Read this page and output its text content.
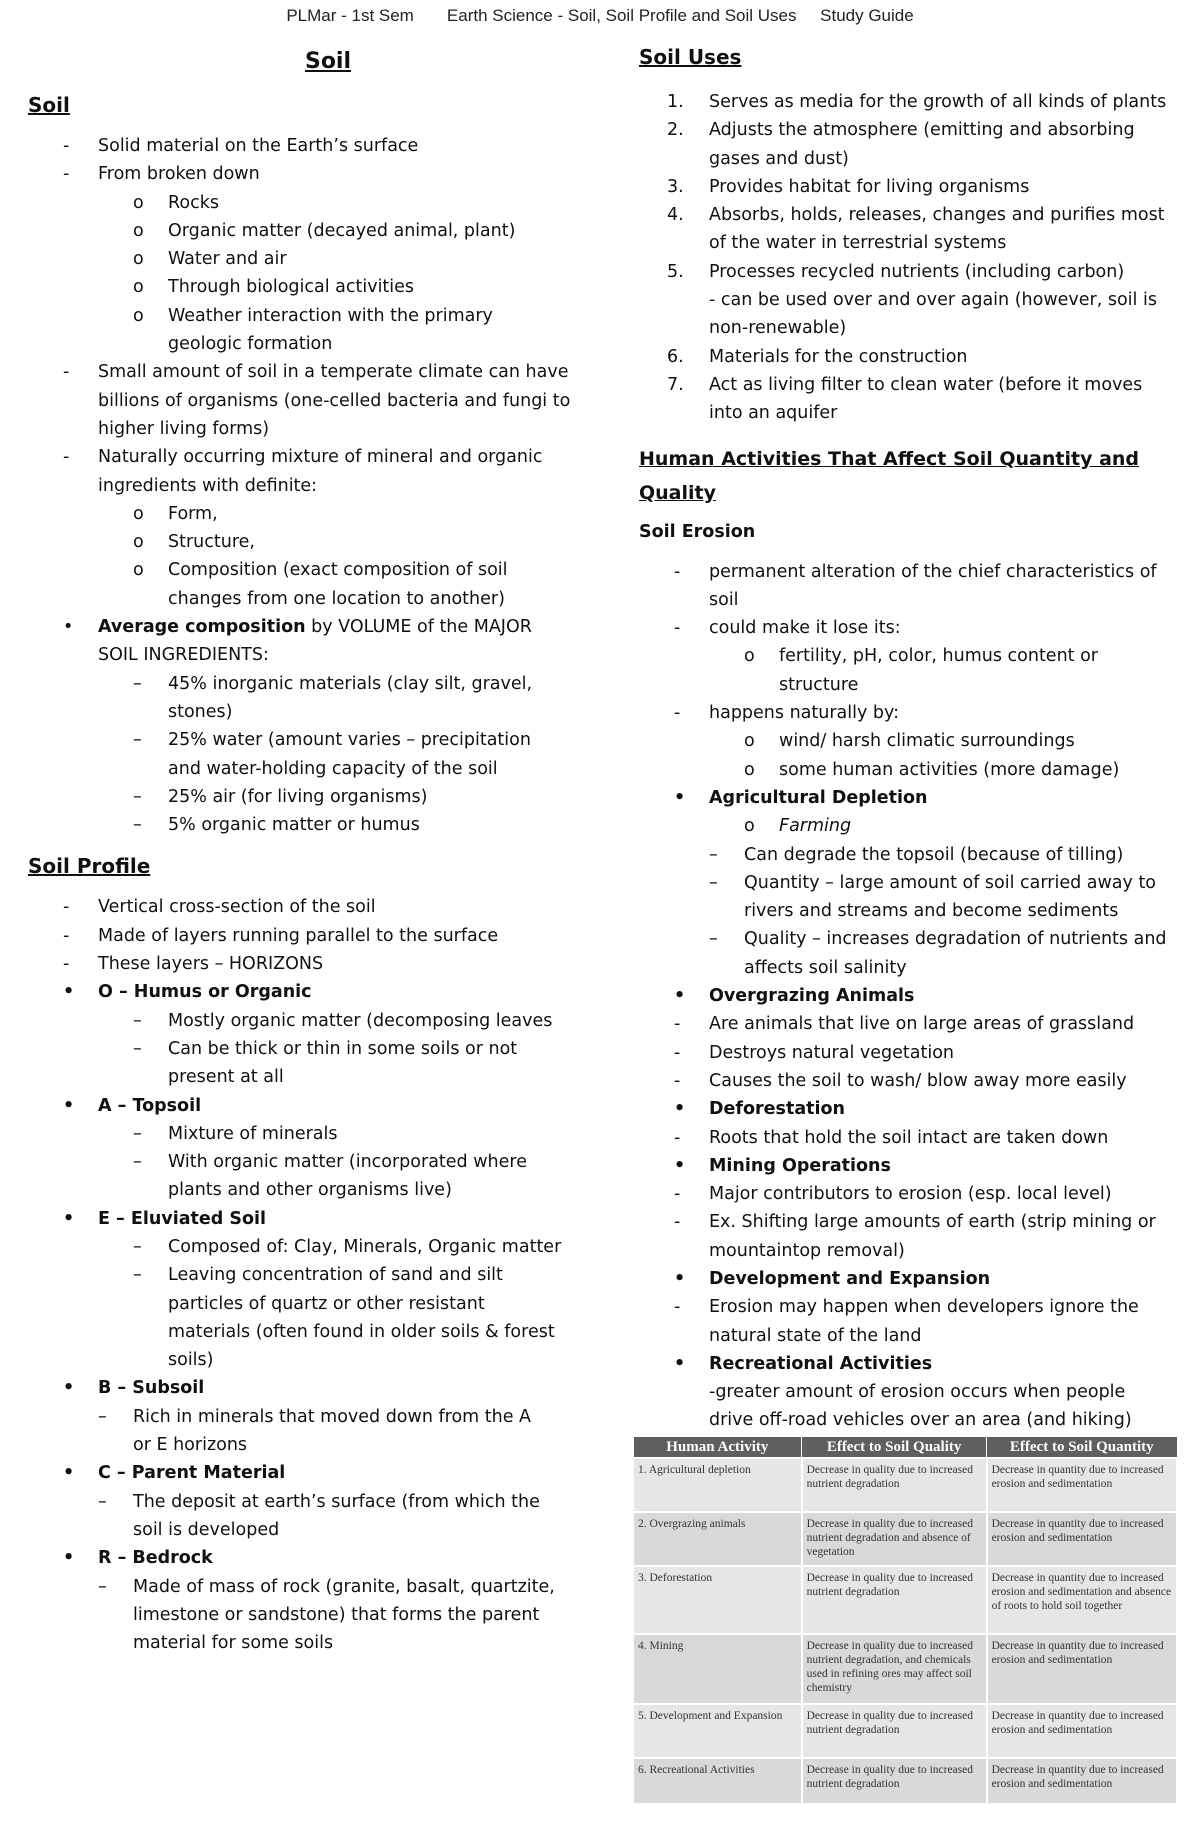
PLMar - 1st Sem       Earth Science - Soil, Soil Profile and Soil Uses     Study Guide
Soil
Soil
- Solid material on the Earth’s surface
- From broken down
o Rocks
o Organic matter (decayed animal, plant)
o Water and air
o Through biological activities
o Weather interaction with the primary geologic formation
- Small amount of soil in a temperate climate can have billions of organisms (one-celled bacteria and fungi to higher living forms)
- Naturally occurring mixture of mineral and organic ingredients with definite:
o Form,
o Structure,
o Composition (exact composition of soil changes from one location to another)
• Average composition by VOLUME of the MAJOR SOIL INGREDIENTS:
– 45% inorganic materials (clay silt, gravel, stones)
– 25% water (amount varies – precipitation and water-holding capacity of the soil
– 25% air (for living organisms)
– 5% organic matter or humus
Soil Profile
- Vertical cross-section of the soil
- Made of layers running parallel to the surface
- These layers – HORIZONS
• O – Humus or Organic
– Mostly organic matter (decomposing leaves
– Can be thick or thin in some soils or not present at all
• A – Topsoil
– Mixture of minerals
– With organic matter (incorporated where plants and other organisms live)
• E – Eluviated Soil
– Composed of: Clay, Minerals, Organic matter
– Leaving concentration of sand and silt particles of quartz or other resistant materials (often found in older soils & forest soils)
• B – Subsoil
– Rich in minerals that moved down from the A or E horizons
• C – Parent Material
– The deposit at earth’s surface (from which the soil is developed
• R – Bedrock
– Made of mass of rock (granite, basalt, quartzite, limestone or sandstone) that forms the parent material for some soils
Soil Uses
1. Serves as media for the growth of all kinds of plants
2. Adjusts the atmosphere (emitting and absorbing gases and dust)
3. Provides habitat for living organisms
4. Absorbs, holds, releases, changes and purifies most of the water in terrestrial systems
5. Processes recycled nutrients (including carbon)
- can be used over and over again (however, soil is non-renewable)
6. Materials for the construction
7. Act as living filter to clean water (before it moves into an aquifer
Human Activities That Affect Soil Quantity and Quality
Soil Erosion
- permanent alteration of the chief characteristics of soil
- could make it lose its:
o fertility, pH, color, humus content or structure
- happens naturally by:
o wind/ harsh climatic surroundings
o some human activities (more damage)
• Agricultural Depletion
o Farming
– Can degrade the topsoil (because of tilling)
– Quantity – large amount of soil carried away to rivers and streams and become sediments
– Quality – increases degradation of nutrients and affects soil salinity
• Overgrazing Animals
- Are animals that live on large areas of grassland
- Destroys natural vegetation
- Causes the soil to wash/ blow away more easily
• Deforestation
- Roots that hold the soil intact are taken down
• Mining Operations
- Major contributors to erosion (esp. local level)
- Ex. Shifting large amounts of earth (strip mining or mountaintop removal)
• Development and Expansion
- Erosion may happen when developers ignore the natural state of the land
• Recreational Activities
-greater amount of erosion occurs when people drive off-road vehicles over an area (and hiking)
Human Activity	Effect to Soil Quality	Effect to Soil Quantity
1. Agricultural depletion	Decrease in quality due to increased nutrient degradation	Decrease in quantity due to increased erosion and sedimentation
2. Overgrazing animals	Decrease in quality due to increased nutrient degradation and absence of vegetation	Decrease in quantity due to increased erosion and sedimentation
3. Deforestation	Decrease in quality due to increased nutrient degradation	Decrease in quantity due to increased erosion and sedimentation and absence of roots to hold soil together
4. Mining	Decrease in quality due to increased nutrient degradation, and chemicals used in refining ores may affect soil chemistry	Decrease in quantity due to increased erosion and sedimentation
5. Development and Expansion	Decrease in quality due to increased nutrient degradation	Decrease in quantity due to increased erosion and sedimentation
6. Recreational Activities	Decrease in quality due to increased nutrient degradation	Decrease in quantity due to increased erosion and sedimentation
